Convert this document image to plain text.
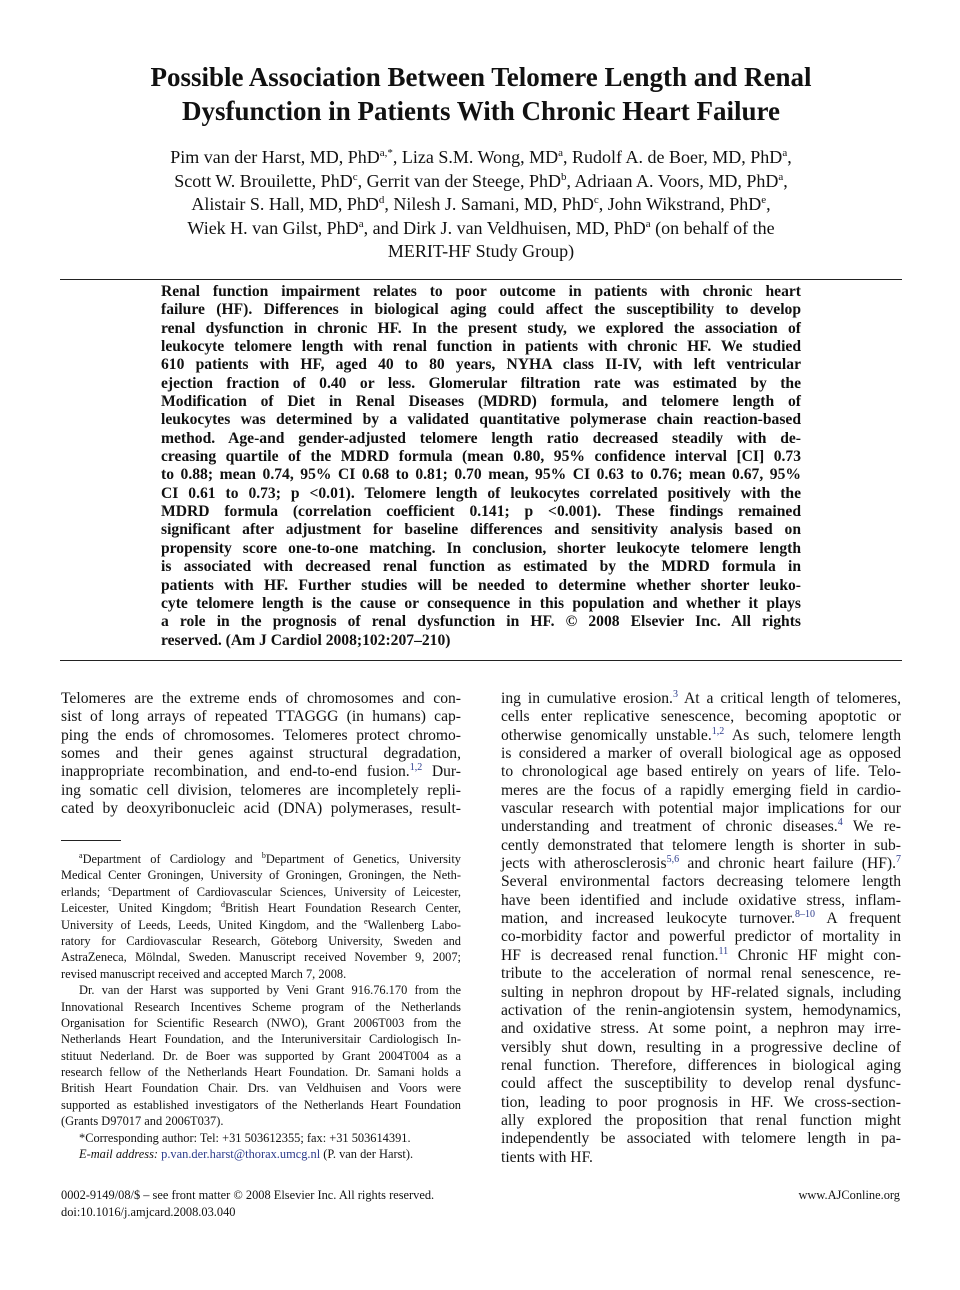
Possible Association Between Telomere Length and Renal
Dysfunction in Patients With Chronic Heart Failure
Pim van der Harst, MD, PhD$^{a,*}$, Liza S.M. Wong, $MD^a$, Rudolf A. de Boer, MD, PhD$^a$,
Scott W. Brouilette, PhD$^c$, Gerrit van der Steege, PhD$^b$, Adriaan A. Voors, MD, PhD$^a$,
Alistair S. Hall, MD, PhD$^d$, Nilesh J. Samani, MD, PhD$^c$, John Wikstrand, PhD$^e$,
Wiek H. van Gilst, PhD$^a$, and Dirk J. van Veldhuisen, MD, PhD$^a$ (on behalf of the
MERIT-HF Study Group)
Renal function impairment relates to poor outcome in patients with chronic heart
failure (HF). Differences in biological aging could affect the susceptibility to develop
renal dysfunction in chronic HF. In the present study, we explored the association of
leukocyte telomere length with renal function in patients with chronic HF. We studied
610 patients with HF, aged 40 to 80 years, NYHA class II-IV, with left ventricular
ejection fraction of 0.40 or less. Glomerular filtration rate was estimated by the
Modification of Diet in Renal Diseases (MDRD) formula, and telomere length of
leukocytes was determined by a validated quantitative polymerase chain reaction-based
method. Age-and gender-adjusted telomere length ratio decreased steadily with de-
creasing quartile of the MDRD formula (mean 0.80, 95% confidence interval [CI] 0.73
to 0.88; mean 0.74, 95% CI 0.68 to 0.81; 0.70 mean, 95% CI 0.63 to 0.76; mean 0.67, 95%
CI 0.61 to 0.73; p <0.01). Telomere length of leukocytes correlated positively with the
MDRD formula (correlation coefficient 0.141; p <0.001). These findings remained
significant after adjustment for baseline differences and sensitivity analysis based on
propensity score one-to-one matching. In conclusion, shorter leukocyte telomere length
is associated with decreased renal function as estimated by the MDRD formula in
patients with HF. Further studies will be needed to determine whether shorter leuko-
cyte telomere length is the cause or consequence in this population and whether it plays
a role in the prognosis of renal dysfunction in HF. © 2008 Elsevier Inc. All rights
reserved. (Am J Cardiol 2008;102:207–210)
Telomeres are the extreme ends of chromosomes and con-
sist of long arrays of repeated TTAGGG (in humans) cap-
ping the ends of chromosomes. Telomeres protect chromo-
somes and their genes against structural degradation,
inappropriate recombination, and end-to-end fusion.$^{1,2}$ Dur-
ing somatic cell division, telomeres are incompletely repli-
cated by deoxyribonucleic acid (DNA) polymerases, result-
$^a$Department of Cardiology and $^b$Department of Genetics, University
Medical Center Groningen, University of Groningen, Groningen, the Neth-
erlands; $^c$Department of Cardiovascular Sciences, University of Leicester,
Leicester, United Kingdom; $^d$British Heart Foundation Research Center,
University of Leeds, Leeds, United Kingdom, and the $^e$Wallenberg Labo-
ratory for Cardiovascular Research, Göteborg University, Sweden and
AstraZeneca, Mölndal, Sweden. Manuscript received November 9, 2007;
revised manuscript received and accepted March 7, 2008.
Dr. van der Harst was supported by Veni Grant 916.76.170 from the
Innovational Research Incentives Scheme program of the Netherlands
Organisation for Scientific Research (NWO), Grant 2006T003 from the
Netherlands Heart Foundation, and the Interuniversitair Cardiologisch In-
stituut Nederland. Dr. de Boer was supported by Grant 2004T004 as a
research fellow of the Netherlands Heart Foundation. Dr. Samani holds a
British Heart Foundation Chair. Drs. van Veldhuisen and Voors were
supported as established investigators of the Netherlands Heart Foundation
(Grants D97017 and 2006T037).
*Corresponding author: Tel: +31 503612355; fax: +31 503614391.
E-mail address: p.van.der.harst@thorax.umcg.nl (P. van der Harst).
ing in cumulative erosion.$^3$ At a critical length of telomeres,
cells enter replicative senescence, becoming apoptotic or
otherwise genomically unstable.$^{1,2}$ As such, telomere length
is considered a marker of overall biological age as opposed
to chronological age based entirely on years of life. Telo-
meres are the focus of a rapidly emerging field in cardio-
vascular research with potential major implications for our
understanding and treatment of chronic diseases.$^4$ We re-
cently demonstrated that telomere length is shorter in sub-
jects with atherosclerosis$^{5,6}$ and chronic heart failure (HF).$^7$
Several environmental factors decreasing telomere length
have been identified and include oxidative stress, inflam-
mation, and increased leukocyte turnover.$^{8-10}$ A frequent
co-morbidity factor and powerful predictor of mortality in
HF is decreased renal function.$^{11}$ Chronic HF might con-
tribute to the acceleration of normal renal senescence, re-
sulting in nephron dropout by HF-related signals, including
activation of the renin-angiotensin system, hemodynamics,
and oxidative stress. At some point, a nephron may irre-
versibly shut down, resulting in a progressive decline of
renal function. Therefore, differences in biological aging
could affect the susceptibility to develop renal dysfunc-
tion, leading to poor prognosis in HF. We cross-section-
ally explored the proposition that renal function might
independently be associated with telomere length in pa-
tients with HF.
0002-9149/08/$ – see front matter © 2008 Elsevier Inc. All rights reserved.
doi:10.1016/j.amjcard.2008.03.040
www.AJConline.org
